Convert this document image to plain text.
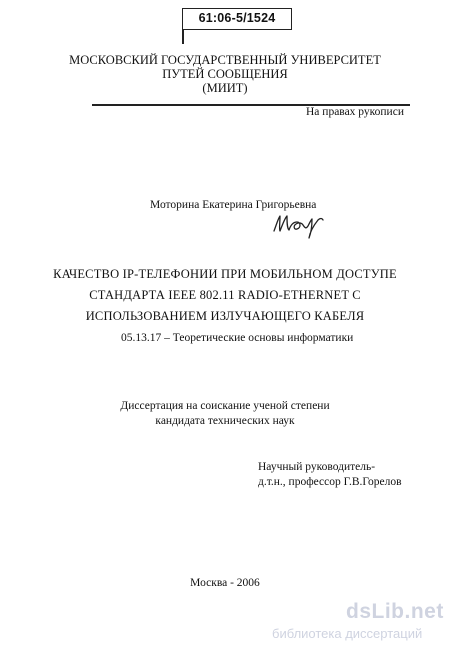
61:06-5/1524
МОСКОВСКИЙ ГОСУДАРСТВЕННЫЙ УНИВЕРСИТЕТ
ПУТЕЙ СООБЩЕНИЯ
(МИИТ)
На правах рукописи
Моторина Екатерина Григорьевна
КАЧЕСТВО IP-ТЕЛЕФОНИИ ПРИ МОБИЛЬНОМ ДОСТУПЕ
СТАНДАРТА IEEE 802.11 RADIO-ETHERNET С
ИСПОЛЬЗОВАНИЕМ ИЗЛУЧАЮЩЕГО КАБЕЛЯ
05.13.17 – Теоретические основы информатики
Диссертация на соискание ученой степени
кандидата технических наук
Научный руководитель-
д.т.н., профессор Г.В.Горелов
Москва - 2006
dsLib.net
библиотека диссертаций
